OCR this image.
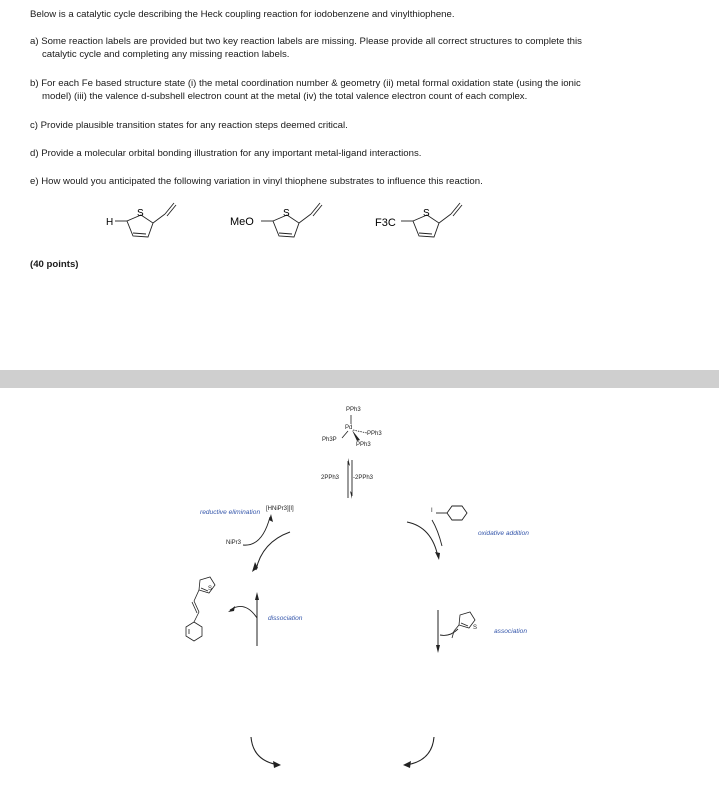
Below is a catalytic cycle describing the Heck coupling reaction for iodobenzene and vinylthiophene.

a) Some reaction labels are provided but two key reaction labels are missing. Please provide all correct structures to complete this

catalytic cycle and completing any missing reaction labels.

b) For each Fe based structure state (i) the metal coordination number & geometry (ii) metal formal oxidation state (using the ionic

model) (iii) the valence d-subshell electron count at the metal (iv) the total valence electron count of each complex.

c) Provide plausible transition states for any reaction steps deemed critical.

d) Provide a molecular orbital bonding illustration for any important metal-ligand interactions.

e) How would you anticipated the following variation in vinyl thiophene substrates to influence this reaction.

H
S
MeO
S
F3C
S
(40 points)
PPh3
Pd
PPh3
Ph3P
PPh3
2PPh3 -2PPh3
reductive elimination [HNiPr3][I]
NiPr3
I
oxidative addition
S
dissociation
S	association
